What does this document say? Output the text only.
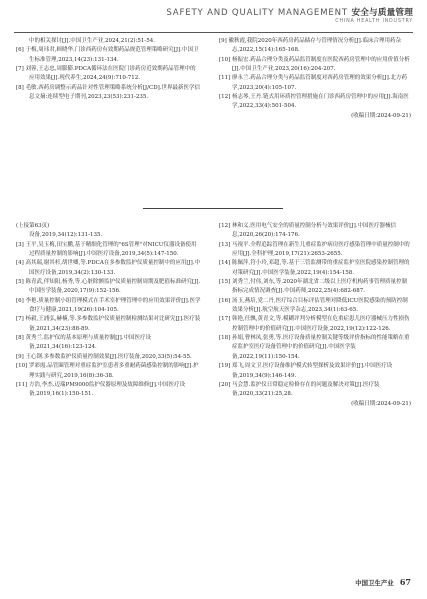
SAFETY AND QUALITY MANAGEMENT 安全与质量管理
CHINA HEALTH INDUSTRY
中的相关探讨[J].中国卫生产业,2024,21(2):51-54.
[6] 于梅,周玮君,顾晓华.门诊西药房有效期药品规范管理策略研究[J].中国卫生标准管理,2023,14(23):131-134.
[7] 刘蓉,王志忠,周膨膨.PDCA循环法在医院门诊药房近效期药品管理中的应用效果[J].现代养生,2024,24(9):710-712.
[8] 毛敏.西药房调整示药品针对性管理策略系统分析[J/CD].世界最新医学信息文摘:连续型电子期刊,2023,23(53):231-235.
[9] 徽秋霞,我院2020年西药房药品储存与管理情况分析[J].临床合理用药杂志,2022,15(14):165-168.
[10] 杨振宏.药品合理分类及药品监管制度在医院西药房管理中的应用价值分析[J].中国卫生产业,2023,20(16):204-207.
[11] 廖永兰.药品合理分类与药品监管制度对西药房管理的效果分析[J].北方药学,2023,20(4):105-107.
[12] 杨志琴,王丹.链式用环质控管理措施在门诊西药房管理中的应用[J].海南医学,2022,33(4):501-504.
(收稿日期:2024-09-21)
(上接第63页)
设备,2019,34(12):131-135.
[3] 王平,吴玉梅,田宝鹏,基于精细化管理的"6S管理"对NICU仪器设备使用过程质量控制的影响[J].中国医疗设备,2019,34(5):147-150.
[4] 高其瑞,谢其杉,胡世卿,等.PDCA在多参数监护仪质量控制中的应用[J].中国医疗设备,2019,34(2):130-133.
[5] 陈青武,伴知阳,杨秀,等.心脏除颤监护仪质量控制周期及肥值标准研究[J].中国医学装备,2020,17(9):152-156.
[6] 李艳.质量控制小组管理模式在手术室护理管理中的应用效果评价[J].医学食疗与健康,2021,19(26):104-105.
[7] 杨毅,王浦弘,赫楠,等.多参数监护仪质量控制检测结果对比研究[J].医疗装备,2021,34(23):88-89.
[8] 黄秀兰.监护仪的基本原理与质量控制[J].中国医疗设备,2021,34(16):123-124.
[9] 王心钢.多参数监护仪质量控制效果[J].医疗装备,2020,33(5):54-55.
[10] 罗彩霞.品管圈管理对重症监护室患者多重耐药菌感染控制的影响[J].护理实践与研究,2019,16(8):36-38.
[11] 方浩,李杰.迈瑞PM9000监护仪器原理及故障维修[J].中国医疗设备,2019,16(1):150-151.
[12] 林和义.医用电气安全的质量控制分析与效果评价[J].中国医疗器械信息,2020,26(20):174-176.
[13] 马视平.全程追踪管理在新生儿重症监护病房医疗感染管理中质量控制中的应用[J].全科护理,2019,17(21):2653-2655.
[14] 陈佩萍,符小玲,邓超,等.基于三管监测带的重症监护室医院感染控制管理的对策研究[J].中国医学装备,2022,19(4):154-158.
[15] 刘秀兰,付伟,刘东,等.2020年湖北省二级以上医疗机构药事管理质量控制指标完成情况调查[J].中国药师,2022,25(4):682-687.
[16] 汤玉,燕培,党二丹,医疗综合目标评估管理对降低ICU医院感染的预防控制效果分析[J].航空航天医学杂志,2023,34(1):63-65.
[17] 韩艳,任飘,黄青文,等.模糊评判分析模型在危重症患儿医疗器械压力性损伤控制管理中的价值研究[J].中国医疗设备,2022,19(12):122-126.
[18] 孙娟,曹林凤,张勇,等.医疗设备质量控制关键等级评价指标的性能策略在重症监护室医疗设备管理中的价值研究[J].中国医学装备,2022,19(11):150-154.
[19] 郑飞,周文卫.医疗设备维护模式转型探析及效果评价[J].中国医疗设备,2019,34(9):146-149.
[20] 马会慧.监护仪日常稳定检修存在的问题及解决对策[J].医疗装备,2020,33(21):25,28.
(收稿日期:2024-09-21)
中国卫生产业 67
